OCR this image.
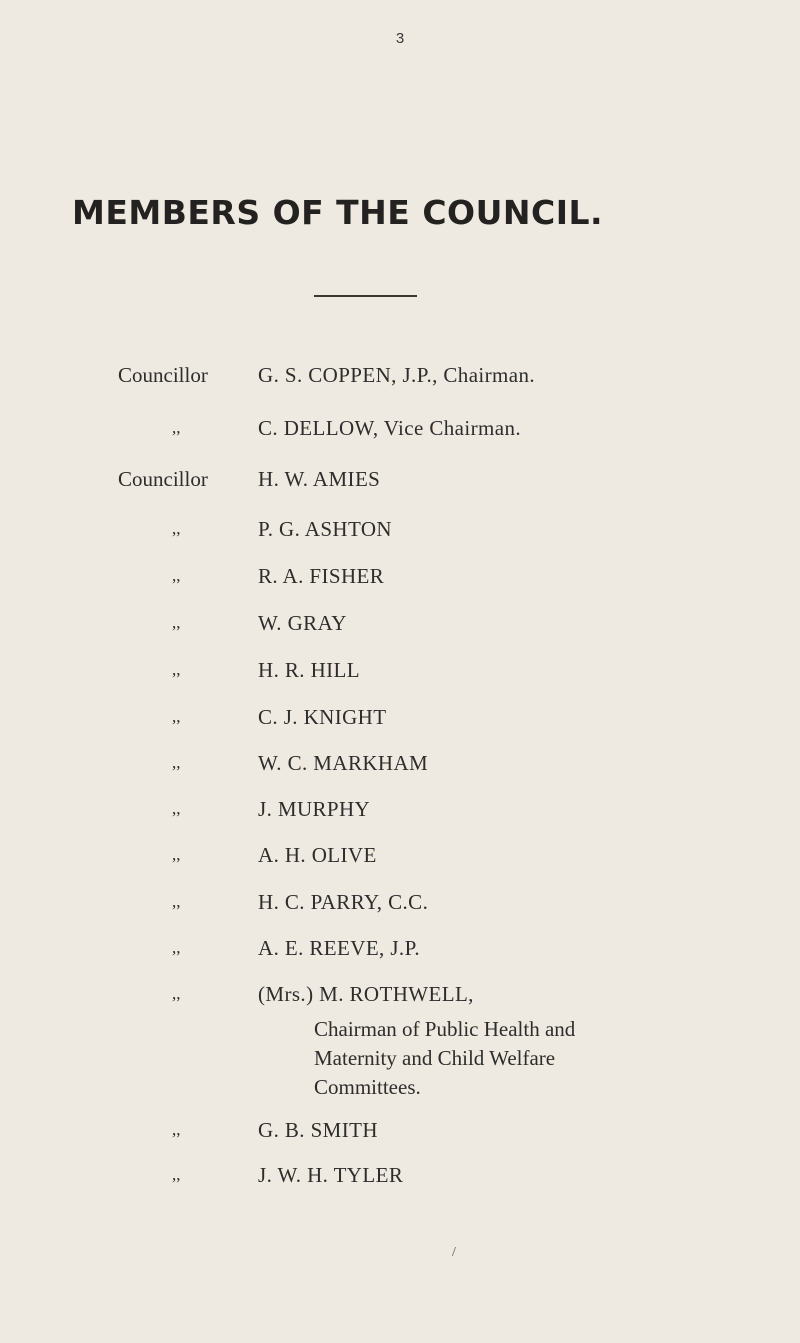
3
MEMBERS OF THE COUNCIL.
Councillor G. S. COPPEN, J.P., Chairman.
,,	C. DELLOW, Vice Chairman.
Councillor H. W. AMIES
,,	P. G. ASHTON
,,	R. A. FISHER
,,	W. GRAY
,,	H. R. HILL
,,	C. J. KNIGHT
,,	W. C. MARKHAM
,,	J. MURPHY
,,	A. H. OLIVE
,,	H. C. PARRY, C.C.
,,	A. E. REEVE, J.P.
,,	(Mrs.) M. ROTHWELL,
Chairman of Public Health and
Maternity and Child Welfare
Committees.
,,	G. B. SMITH
,,	J. W. H. TYLER
/
